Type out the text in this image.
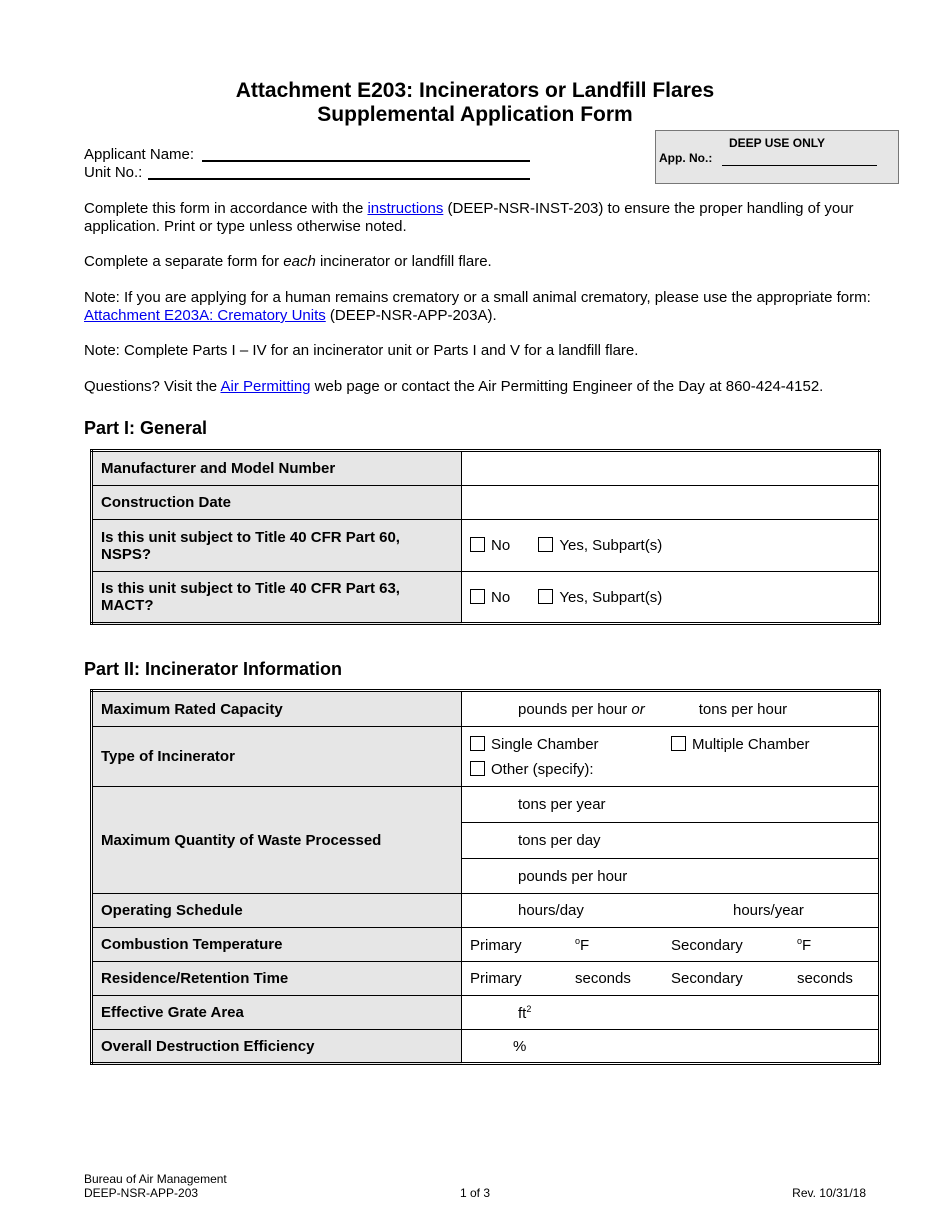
Attachment E203: Incinerators or Landfill Flares
Supplemental Application Form
Applicant Name:
Unit No.:
DEEP USE ONLY
App. No.:
Complete this form in accordance with the instructions (DEEP-NSR-INST-203) to ensure the proper handling of your application. Print or type unless otherwise noted.
Complete a separate form for each incinerator or landfill flare.
Note: If you are applying for a human remains crematory or a small animal crematory, please use the appropriate form: Attachment E203A: Crematory Units (DEEP-NSR-APP-203A).
Note: Complete Parts I – IV for an incinerator unit or Parts I and V for a landfill flare.
Questions? Visit the Air Permitting web page or contact the Air Permitting Engineer of the Day at 860-424-4152.
Part I: General
Manufacturer and Model Number	
Construction Date	
Is this unit subject to Title 40 CFR Part 60, NSPS?	No Yes, Subpart(s)
Is this unit subject to Title 40 CFR Part 63, MACT?	No Yes, Subpart(s)
Part II: Incinerator Information
Maximum Rated Capacity	pounds per hour or tons per hour
Type of Incinerator	Single Chamber Multiple Chamber
Other (specify):
Maximum Quantity of Waste Processed	tons per year
	tons per day
	pounds per hour
Operating Schedule	hours/day hours/year
Combustion Temperature	Primary $^o$F Secondary $^o$F
Residence/Retention Time	Primary seconds Secondary seconds
Effective Grate Area	$ft^2$
Overall Destruction Efficiency	%
Bureau of Air Management
DEEP-NSR-APP-203	1 of 3	Rev. 10/31/18
